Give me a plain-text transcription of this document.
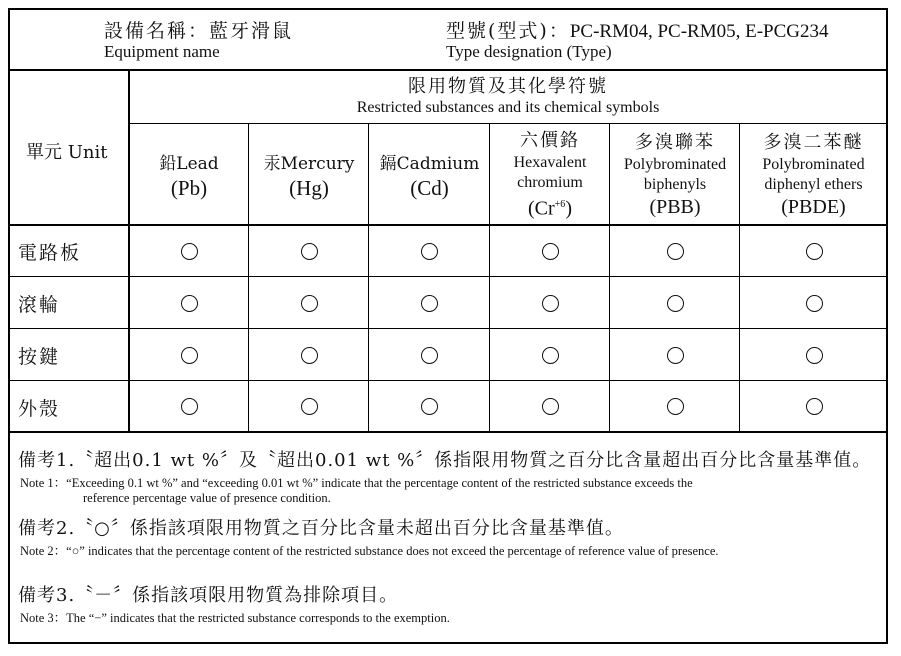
設備名稱：藍牙滑鼠
Equipment name
型號(型式)：PC-RM04, PC-RM05, E-PCG234
Type designation (Type)
限用物質及其化學符號
Restricted substances and its chemical symbols
單元 Unit
鉛Lead
(Pb)
汞Mercury
(Hg)
鎘Cadmium
(Cd)
六價鉻
Hexavalent
chromium
$(Cr^{+6})$
多溴聯苯
Polybrominated
biphenyls
(PBB)
多溴二苯醚
Polybrominated
diphenyl ethers
(PBDE)
電路板
滾輪
按鍵
外殼
備考1.〝超出0.1 wt %〞及〝超出0.01 wt %〞係指限用物質之百分比含量超出百分比含量基準值。
Note 1：“Exceeding 0.1 wt %” and “exceeding 0.01 wt %” indicate that the percentage content of the restricted substance exceeds the
reference percentage value of presence condition.
備考2.〝○〞係指該項限用物質之百分比含量未超出百分比含量基準值。
Note 2：“○” indicates that the percentage content of the restricted substance does not exceed the percentage of reference value of presence.
備考3.〝－〞係指該項限用物質為排除項目。
Note 3：The “−” indicates that the restricted substance corresponds to the exemption.
